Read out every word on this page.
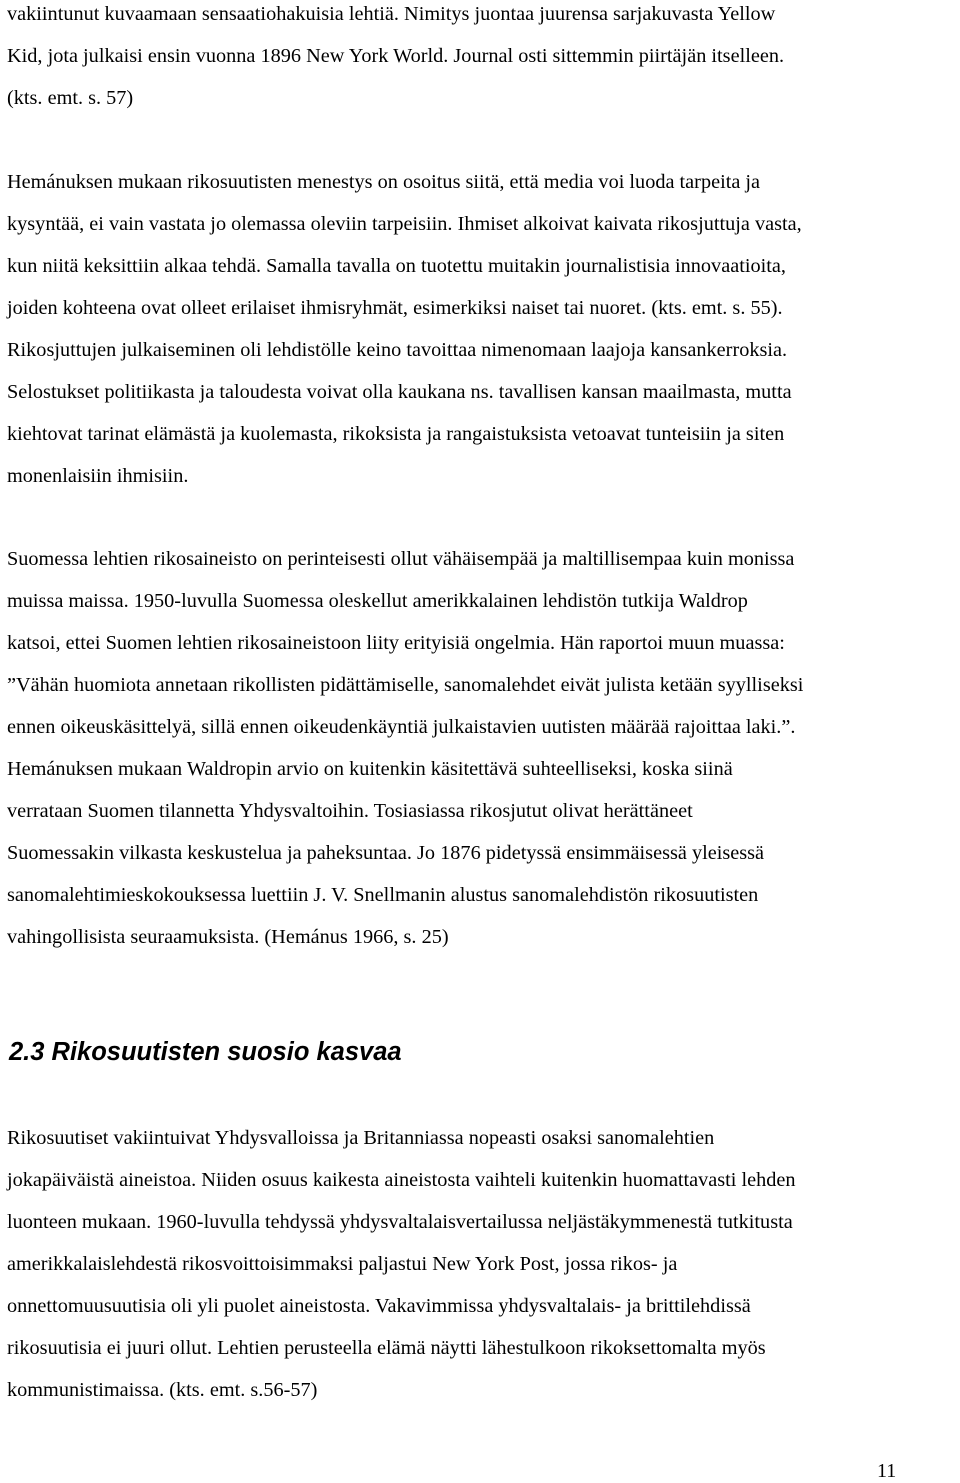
vakiintunut kuvaamaan sensaatiohakuisia lehtiä. Nimitys juontaa juurensa sarjakuvasta Yellow
Kid, jota julkaisi ensin vuonna 1896 New York World. Journal osti sittemmin piirtäjän itselleen.
(kts. emt. s. 57)
Hemánuksen mukaan rikosuutisten menestys on osoitus siitä, että media voi luoda tarpeita ja
kysyntää, ei vain vastata jo olemassa oleviin tarpeisiin. Ihmiset alkoivat kaivata rikosjuttuja vasta,
kun niitä keksittiin alkaa tehdä. Samalla tavalla on tuotettu muitakin journalistisia innovaatioita,
joiden kohteena ovat olleet erilaiset ihmisryhmät, esimerkiksi naiset tai nuoret. (kts. emt. s. 55).
Rikosjuttujen julkaiseminen oli lehdistölle keino tavoittaa nimenomaan laajoja kansankerroksia.
Selostukset politiikasta ja taloudesta voivat olla kaukana ns. tavallisen kansan maailmasta, mutta
kiehtovat tarinat elämästä ja kuolemasta, rikoksista ja rangaistuksista vetoavat tunteisiin ja siten
monenlaisiin ihmisiin.
Suomessa lehtien rikosaineisto on perinteisesti ollut vähäisempää ja maltillisempaa kuin monissa
muissa maissa. 1950-luvulla Suomessa oleskellut amerikkalainen lehdistön tutkija Waldrop
katsoi, ettei Suomen lehtien rikosaineistoon liity erityisiä ongelmia. Hän raportoi muun muassa:
”Vähän huomiota annetaan rikollisten pidättämiselle, sanomalehdet eivät julista ketään syylliseksi
ennen oikeuskäsittelyä, sillä ennen oikeudenkäyntiä julkaistavien uutisten määrää rajoittaa laki.”.
Hemánuksen mukaan Waldropin arvio on kuitenkin käsitettävä suhteelliseksi, koska siinä
verrataan Suomen tilannetta Yhdysvaltoihin. Tosiasiassa rikosjutut olivat herättäneet
Suomessakin vilkasta keskustelua ja paheksuntaa. Jo 1876 pidetyssä ensimmäisessä yleisessä
sanomalehtimieskokouksessa luettiin J. V. Snellmanin alustus sanomalehdistön rikosuutisten
vahingollisista seuraamuksista. (Hemánus 1966, s. 25)
2.3 Rikosuutisten suosio kasvaa
Rikosuutiset vakiintuivat Yhdysvalloissa ja Britanniassa nopeasti osaksi sanomalehtien
jokapäiväistä aineistoa. Niiden osuus kaikesta aineistosta vaihteli kuitenkin huomattavasti lehden
luonteen mukaan. 1960-luvulla tehdyssä yhdysvaltalaisvertailussa neljästäkymmenestä tutkitusta
amerikkalaislehdestä rikosvoittoisimmaksi paljastui New York Post, jossa rikos- ja
onnettomuusuutisia oli yli puolet aineistosta. Vakavimmissa yhdysvaltalais- ja brittilehdissä
rikosuutisia ei juuri ollut. Lehtien perusteella elämä näytti lähestulkoon rikoksettomalta myös
kommunistimaissa. (kts. emt. s.56-57)
11
